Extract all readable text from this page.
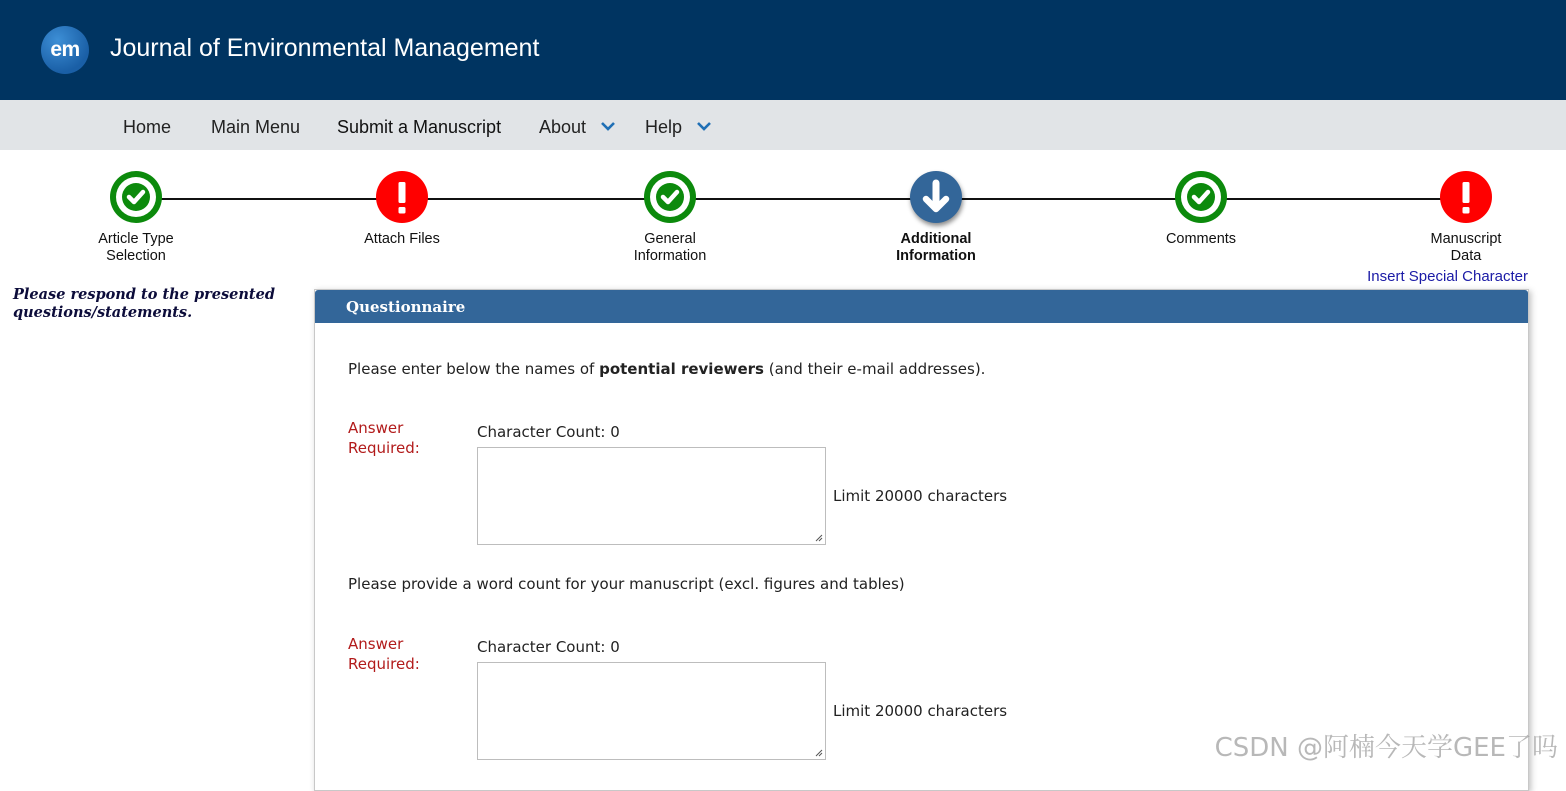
em	Journal of Environmental Management
Home Main Menu Submit a Manuscript About	Help
Article Type
Selection
Attach Files	General
Information
Additional
Information
Comments	Manuscript
Data
Insert Special Character
Please respond to the presented questions/statements.	Questionnaire
Please enter below the names of potential reviewers (and their e-mail addresses).
Answer
Required:
Character Count: 0
Limit 20000 characters
Please provide a word count for your manuscript (excl. figures and tables)
Answer
Required:
Character Count: 0
Limit 20000 characters
CSDN @阿楠今天学GEE了吗
